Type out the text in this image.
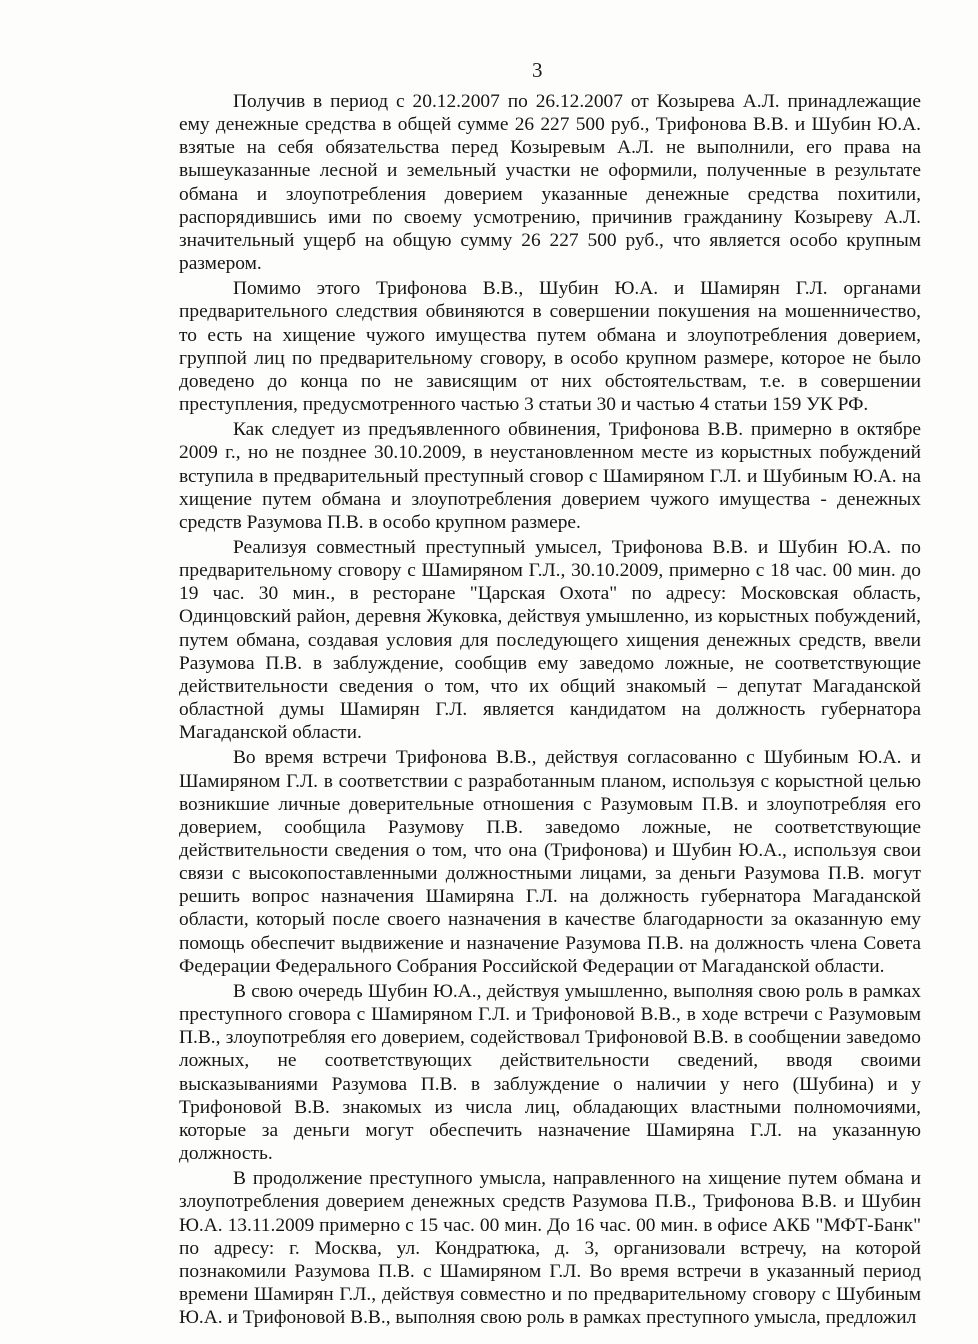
3

Получив в период с 20.12.2007 по 26.12.2007 от Козырева А.Л. принадлежащие ему денежные средства в общей сумме 26 227 500 руб., Трифонова В.В. и Шубин Ю.А. взятые на себя обязательства перед Козыревым А.Л. не выполнили, его права на вышеуказанные лесной и земельный участки не оформили, полученные в результате обмана и злоупотребления доверием указанные денежные средства похитили, распорядившись ими по своему усмотрению, причинив гражданину Козыреву А.Л. значительный ущерб на общую сумму 26 227 500 руб., что является особо крупным размером.

Помимо этого Трифонова В.В., Шубин Ю.А. и Шамирян Г.Л. органами предварительного следствия обвиняются в совершении покушения на мошенничество, то есть на хищение чужого имущества путем обмана и злоупотребления доверием, группой лиц по предварительному сговору, в особо крупном размере, которое не было доведено до конца по не зависящим от них обстоятельствам, т.е. в совершении преступления, предусмотренного частью 3 статьи 30 и частью 4 статьи 159 УК РФ.

Как следует из предъявленного обвинения, Трифонова В.В. примерно в октябре 2009 г., но не позднее 30.10.2009, в неустановленном месте из корыстных побуждений вступила в предварительный преступный сговор с Шамиряном Г.Л. и Шубиным Ю.А. на хищение путем обмана и злоупотребления доверием чужого имущества - денежных средств Разумова П.В. в особо крупном размере.

Реализуя совместный преступный умысел, Трифонова В.В. и Шубин Ю.А. по предварительному сговору с Шамиряном Г.Л., 30.10.2009, примерно с 18 час. 00 мин. до 19 час. 30 мин., в ресторане "Царская Охота" по адресу: Московская область, Одинцовский район, деревня Жуковка, действуя умышленно, из корыстных побуждений, путем обмана, создавая условия для последующего хищения денежных средств, ввели Разумова П.В. в заблуждение, сообщив ему заведомо ложные, не соответствующие действительности сведения о том, что их общий знакомый – депутат Магаданской областной думы Шамирян Г.Л. является кандидатом на должность губернатора Магаданской области.

Во время встречи Трифонова В.В., действуя согласованно с Шубиным Ю.А. и Шамиряном Г.Л. в соответствии с разработанным планом, используя с корыстной целью возникшие личные доверительные отношения с Разумовым П.В. и злоупотребляя его доверием, сообщила Разумову П.В. заведомо ложные, не соответствующие действительности сведения о том, что она (Трифонова) и Шубин Ю.А., используя свои связи с высокопоставленными должностными лицами, за деньги Разумова П.В. могут решить вопрос назначения Шамиряна Г.Л. на должность губернатора Магаданской области, который после своего назначения в качестве благодарности за оказанную ему помощь обеспечит выдвижение и назначение Разумова П.В. на должность члена Совета Федерации Федерального Собрания Российской Федерации от Магаданской области.

В свою очередь Шубин Ю.А., действуя умышленно, выполняя свою роль в рамках преступного сговора с Шамиряном Г.Л. и Трифоновой В.В., в ходе встречи с Разумовым П.В., злоупотребляя его доверием, содействовал Трифоновой В.В. в сообщении заведомо ложных, не соответствующих действительности сведений, вводя своими высказываниями Разумова П.В. в заблуждение о наличии у него (Шубина) и у Трифоновой В.В. знакомых из числа лиц, обладающих властными полномочиями, которые за деньги могут обеспечить назначение Шамиряна Г.Л. на указанную должность.

В продолжение преступного умысла, направленного на хищение путем обмана и злоупотребления доверием денежных средств Разумова П.В., Трифонова В.В. и Шубин Ю.А. 13.11.2009 примерно с 15 час. 00 мин. До 16 час. 00 мин. в офисе АКБ "МФТ-Банк" по адресу: г. Москва, ул. Кондратюка, д. 3, организовали встречу, на которой познакомили Разумова П.В. с Шамиряном Г.Л. Во время встречи в указанный период времени Шамирян Г.Л., действуя совместно и по предварительному сговору с Шубиным Ю.А. и Трифоновой В.В., выполняя свою роль в рамках преступного умысла, предложил
